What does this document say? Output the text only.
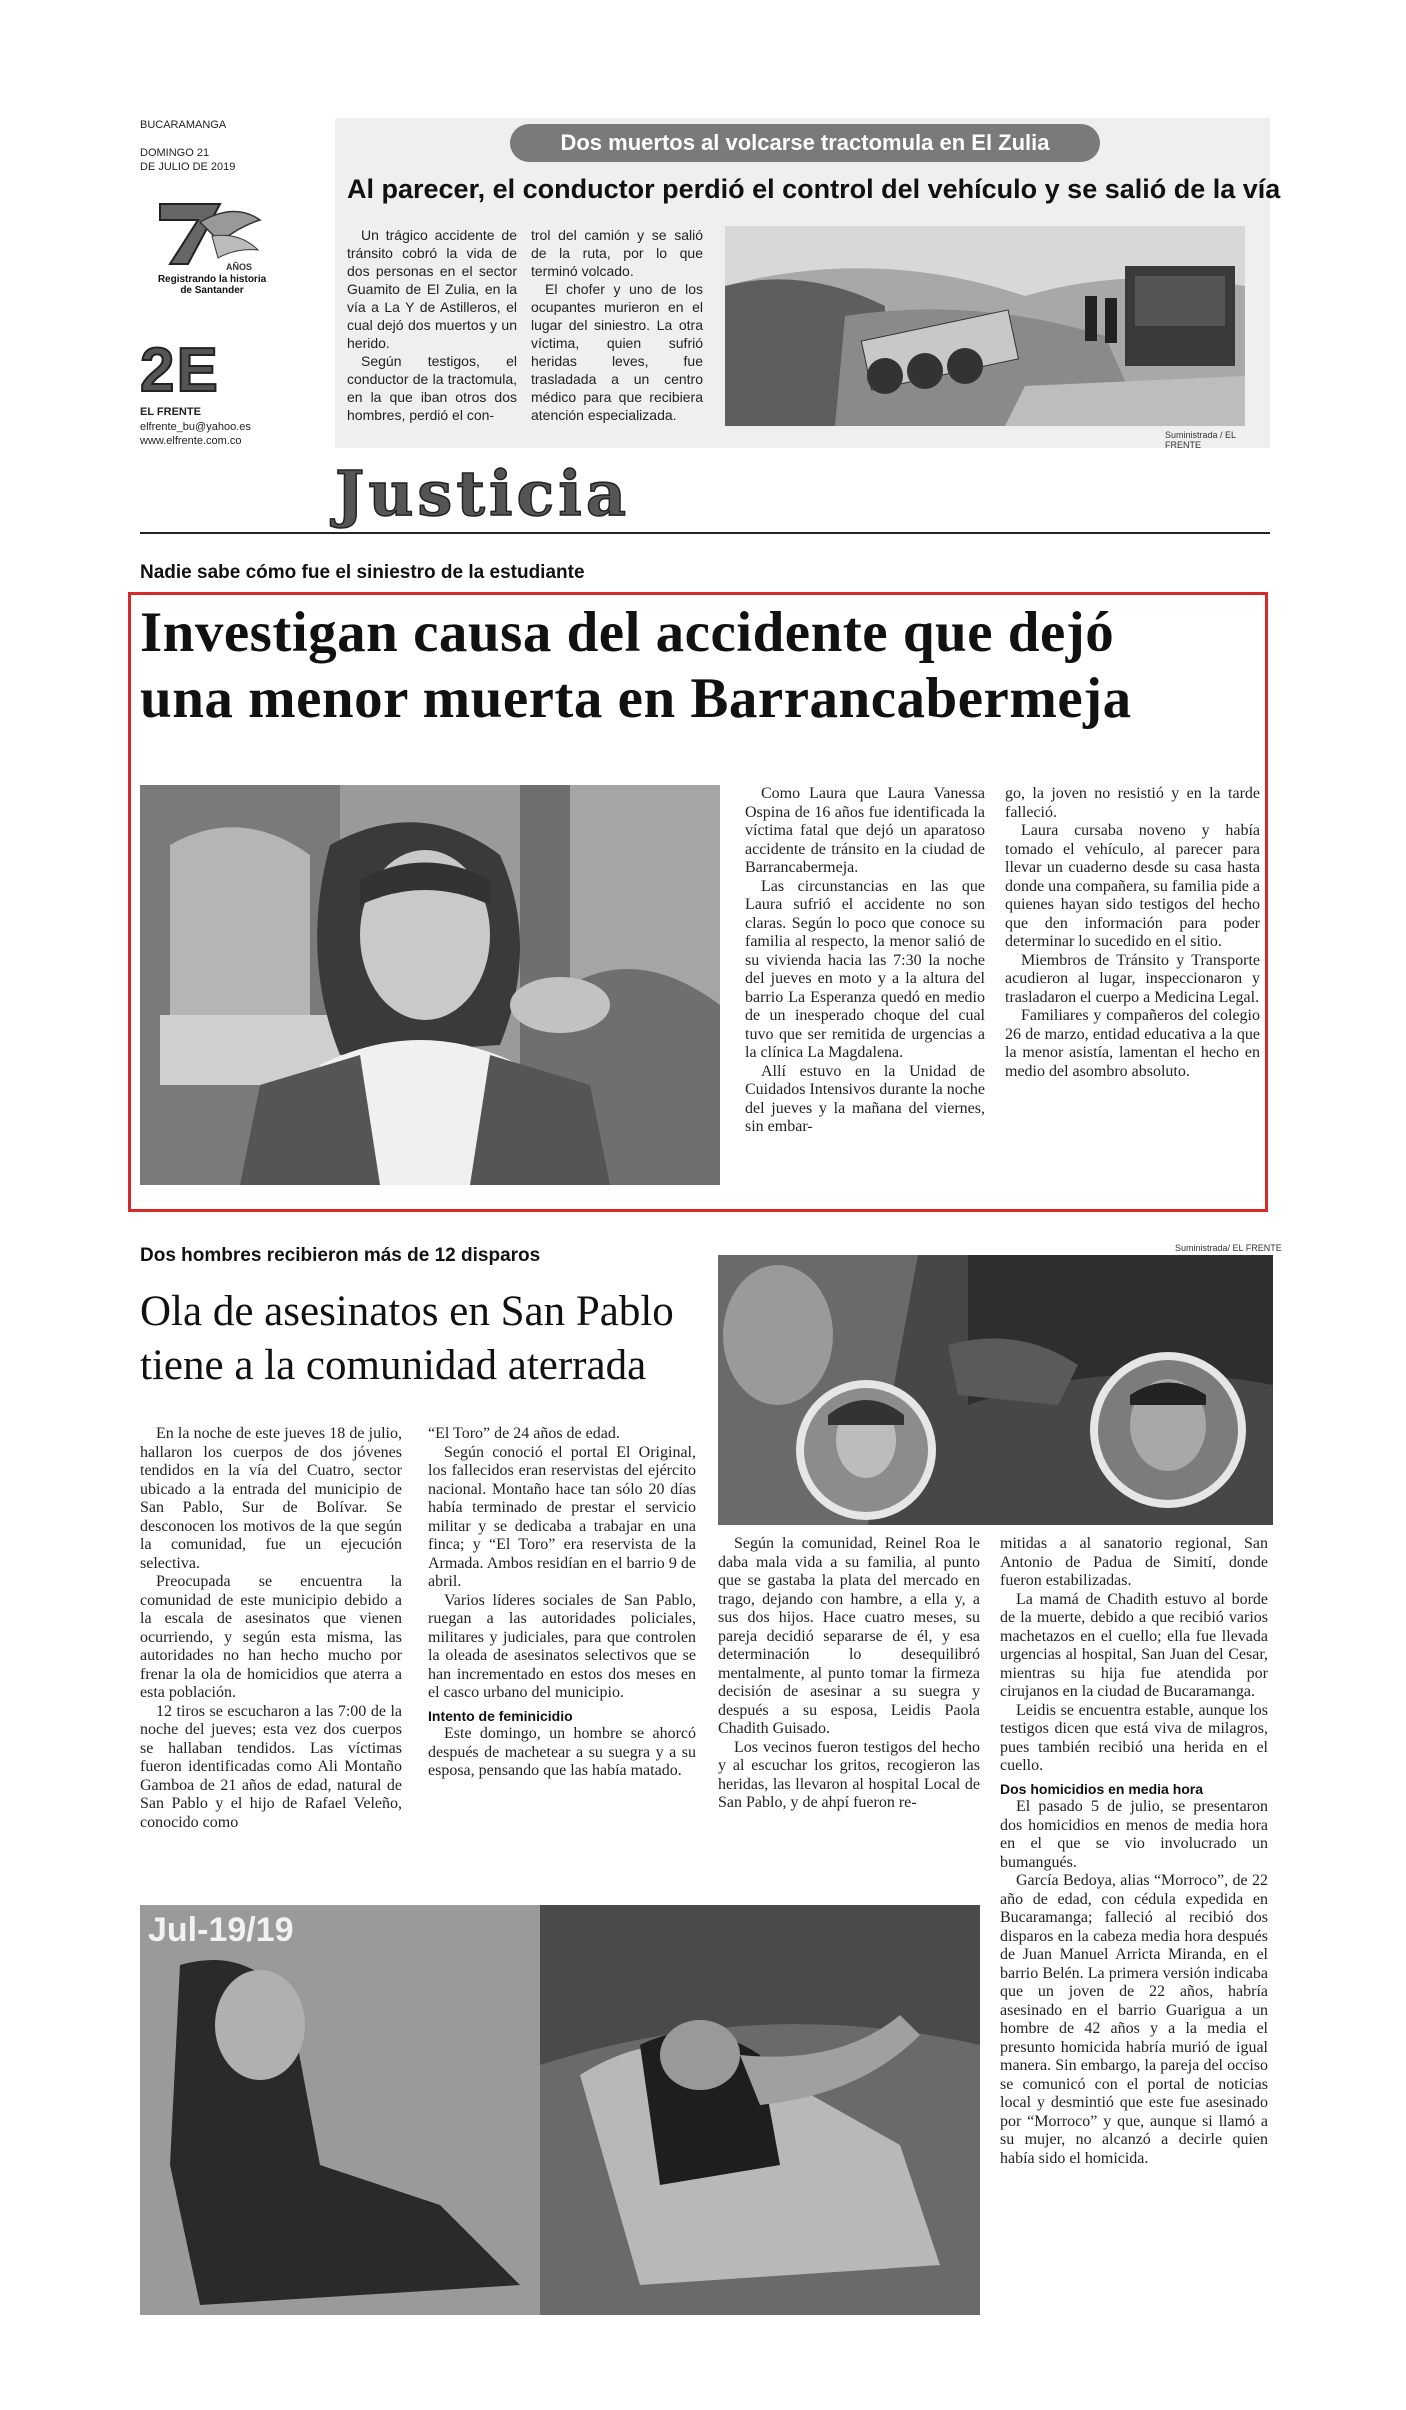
BUCARAMANGA
DOMINGO 21
DE JULIO DE 2019
AÑOS
Registrando la historia
de Santander
2E
EL FRENTE
elfrente_bu@yahoo.es
www.elfrente.com.co
Dos muertos al volcarse tractomula en El Zulia
Al parecer, el conductor perdió el control del vehículo y se salió de la vía

Un trágico accidente de tránsito cobró la vida de dos personas en el sector Guamito de El Zulia, en la vía a La Y de Astilleros, el cual dejó dos muertos y un herido.

Según testigos, el conductor de la tractomula, en la que iban otros dos hombres, perdió el con-

trol del camión y se salió de la ruta, por lo que terminó volcado.

El chofer y uno de los ocupantes murieron en el lugar del siniestro. La otra víctima, quien sufrió heridas leves, fue trasladada a un centro médico para que recibiera atención especializada.

Suministrada / EL FRENTE
Justicia
Nadie sabe cómo fue el siniestro de la estudiante
Investigan causa del accidente que dejó
una menor muerta en Barrancabermeja

Como Laura que Laura Vanessa Ospina de 16 años fue identificada la víctima fatal que dejó un aparatoso accidente de tránsito en la ciudad de Barrancabermeja.

Las circunstancias en las que Laura sufrió el accidente no son claras. Según lo poco que conoce su familia al respecto, la menor salió de su vivienda hacia las 7:30 la noche del jueves en moto y a la altura del barrio La Esperanza quedó en medio de un inesperado choque del cual tuvo que ser remitida de urgencias a la clínica La Magdalena.

Allí estuvo en la Unidad de Cuidados Intensivos durante la noche del jueves y la mañana del viernes, sin embar-

go, la joven no resistió y en la tarde falleció.

Laura cursaba noveno y había tomado el vehículo, al parecer para llevar un cuaderno desde su casa hasta donde una compañera, su familia pide a quienes hayan sido testigos del hecho que den información para poder determinar lo sucedido en el sitio.

Miembros de Tránsito y Transporte acudieron al lugar, inspeccionaron y trasladaron el cuerpo a Medicina Legal.

Familiares y compañeros del colegio 26 de marzo, entidad educativa a la que la menor asistía, lamentan el hecho en medio del asombro absoluto.

Dos hombres recibieron más de 12 disparos
Ola de asesinatos en San Pablo
tiene a la comunidad aterrada
Suministrada/ EL FRENTE

En la noche de este jueves 18 de julio, hallaron los cuerpos de dos jóvenes tendidos en la vía del Cuatro, sector ubicado a la entrada del municipio de San Pablo, Sur de Bolívar. Se desconocen los motivos de la que según la comunidad, fue un ejecución selectiva.

Preocupada se encuentra la comunidad de este municipio debido a la escala de asesinatos que vienen ocurriendo, y según esta misma, las autoridades no han hecho mucho por frenar la ola de homicidios que aterra a esta población.

12 tiros se escucharon a las 7:00 de la noche del jueves; esta vez dos cuerpos se hallaban tendidos. Las víctimas fueron identificadas como Ali Montaño Gamboa de 21 años de edad, natural de San Pablo y el hijo de Rafael Veleño, conocido como

“El Toro” de 24 años de edad.

Según conoció el portal El Original, los fallecidos eran reservistas del ejército nacional. Montaño hace tan sólo 20 días había terminado de prestar el servicio militar y se dedicaba a trabajar en una finca; y “El Toro” era reservista de la Armada. Ambos residían en el barrio 9 de abril.

Varios líderes sociales de San Pablo, ruegan a las autoridades policiales, militares y judiciales, para que controlen la oleada de asesinatos selectivos que se han incrementado en estos dos meses en el casco urbano del municipio.

Intento de feminicidio

Este domingo, un hombre se ahorcó después de machetear a su suegra y a su esposa, pensando que las había matado.

Según la comunidad, Reinel Roa le daba mala vida a su familia, al punto que se gastaba la plata del mercado en trago, dejando con hambre, a ella y, a sus dos hijos. Hace cuatro meses, su pareja decidió separarse de él, y esa determinación lo desequilibró mentalmente, al punto tomar la firmeza decisión de asesinar a su suegra y después a su esposa, Leidis Paola Chadith Guisado.

Los vecinos fueron testigos del hecho y al escuchar los gritos, recogieron las heridas, las llevaron al hospital Local de San Pablo, y de ahpí fueron re-

mitidas a al sanatorio regional, San Antonio de Padua de Simití, donde fueron estabilizadas.

La mamá de Chadith estuvo al borde de la muerte, debido a que recibió varios machetazos en el cuello; ella fue llevada urgencias al hospital, San Juan del Cesar, mientras su hija fue atendida por cirujanos en la ciudad de Bucaramanga.

Leidis se encuentra estable, aunque los testigos dicen que está viva de milagros, pues también recibió una herida en el cuello.

Dos homicidios en media hora

El pasado 5 de julio, se presentaron dos homicidios en menos de media hora en el que se vio involucrado un bumangués.

García Bedoya, alias “Morroco”, de 22 año de edad, con cédula expedida en Bucaramanga; falleció al recibió dos disparos en la cabeza media hora después de Juan Manuel Arricta Miranda, en el barrio Belén. La primera versión indicaba que un joven de 22 años, habría asesinado en el barrio Guarigua a un hombre de 42 años y a la media el presunto homicida habría murió de igual manera. Sin embargo, la pareja del occiso se comunicó con el portal de noticias local y desmintió que este fue asesinado por “Morroco” y que, aunque si llamó a su mujer, no alcanzó a decirle quien había sido el homicida.

Jul-19/19
